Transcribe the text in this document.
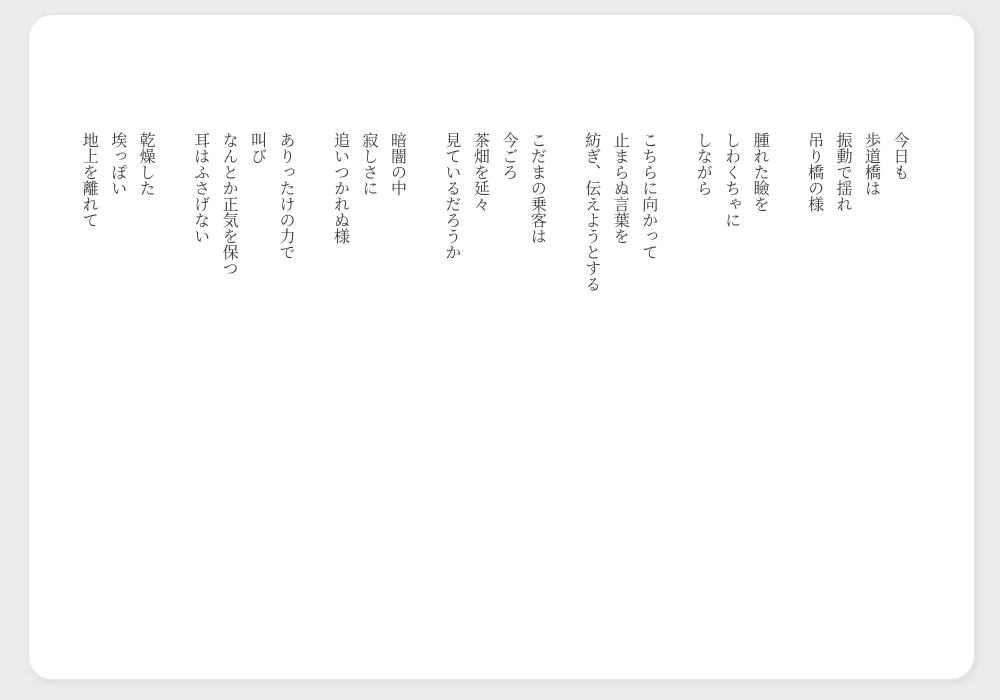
今日も

歩道橋は

振動で揺れ

吊り橋の様

腫れた瞼を

しわくちゃに

しながら

こちらに向かって

止まらぬ言葉を

紡ぎ、伝えようとする

こだまの乗客は

今ごろ

茶畑を延々

見ているだろうか

暗闇の中

寂しさに

追いつかれぬ様

ありったけの力で

叫び

なんとか正気を保つ

耳はふさげない

乾燥した

埃っぽい

地上を離れて
